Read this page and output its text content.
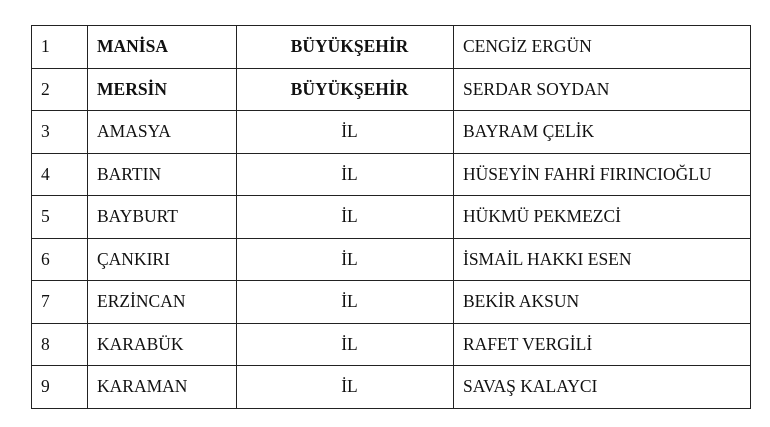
1	MANİSA	BÜYÜKŞEHİR	CENGİZ ERGÜN
2	MERSİN	BÜYÜKŞEHİR	SERDAR SOYDAN
3	AMASYA	İL	BAYRAM ÇELİK
4	BARTIN	İL	HÜSEYİN FAHRİ FIRINCIOĞLU
5	BAYBURT	İL	HÜKMÜ PEKMEZCİ
6	ÇANKIRI	İL	İSMAİL HAKKI ESEN
7	ERZİNCAN	İL	BEKİR AKSUN
8	KARABÜK	İL	RAFET VERGİLİ
9	KARAMAN	İL	SAVAŞ KALAYCI
